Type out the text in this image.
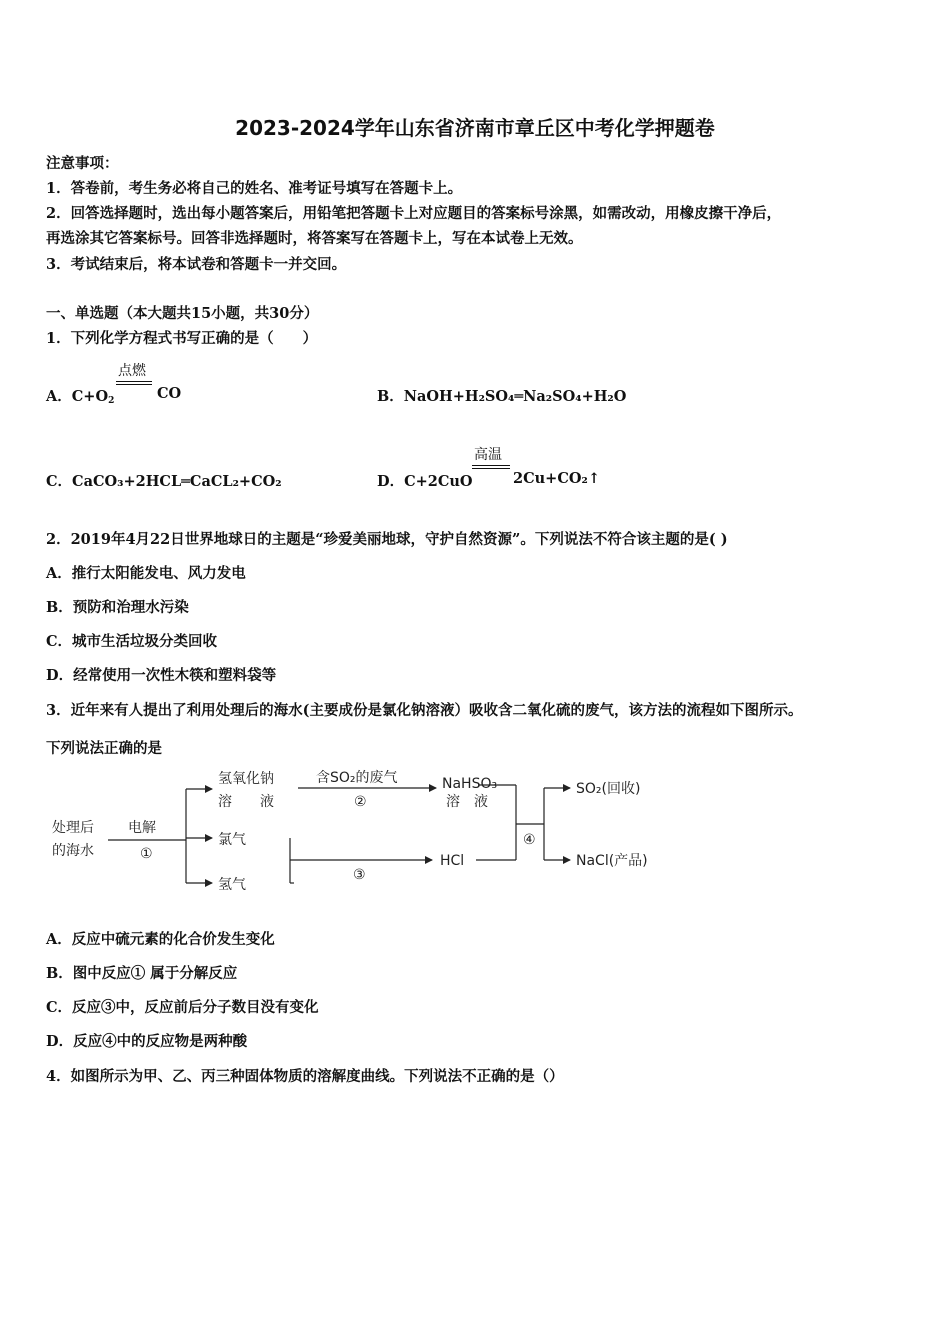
2023-2024学年山东省济南市章丘区中考化学押题卷
注意事项：
1．答卷前，考生务必将自己的姓名、准考证号填写在答题卡上。
2．回答选择题时，选出每小题答案后，用铅笔把答题卡上对应题目的答案标号涂黑，如需改动，用橡皮擦干净后，
再选涂其它答案标号。回答非选择题时，将答案写在答题卡上，写在本试卷上无效。
3．考试结束后，将本试卷和答题卡一并交回。
一、单选题（本大题共15小题，共30分）
1．下列化学方程式书写正确的是（　　）
A．$C+O_2$
点燃
CO	B．NaOH+H₂SO₄═Na₂SO₄+H₂O
C．CaCO₃+2HCL═CaCL₂+CO₂	D．C+2CuO
高温
2Cu+CO₂↑
2．2019年4月22日世界地球日的主题是“珍爱美丽地球，守护自然资源”。下列说法不符合该主题的是( )
A．推行太阳能发电、风力发电
B．预防和治理水污染
C．城市生活垃圾分类回收
D．经常使用一次性木筷和塑料袋等
3．近年来有人提出了利用处理后的海水(主要成份是氯化钠溶液）吸收含二氧化硫的废气，该方法的流程如下图所示。
下列说法正确的是
处理后
的海水
电解
①
氢氧化钠
溶　　液
氯气
氢气
含SO₂的废气
②
③
NaHSO₃
溶　液
HCl
④
SO₂(回收)
NaCl(产品)
A．反应中硫元素的化合价发生变化
B．图中反应① 属于分解反应
C．反应③中，反应前后分子数目没有变化
D．反应④中的反应物是两种酸
4．如图所示为甲、乙、丙三种固体物质的溶解度曲线。下列说法不正确的是（）
